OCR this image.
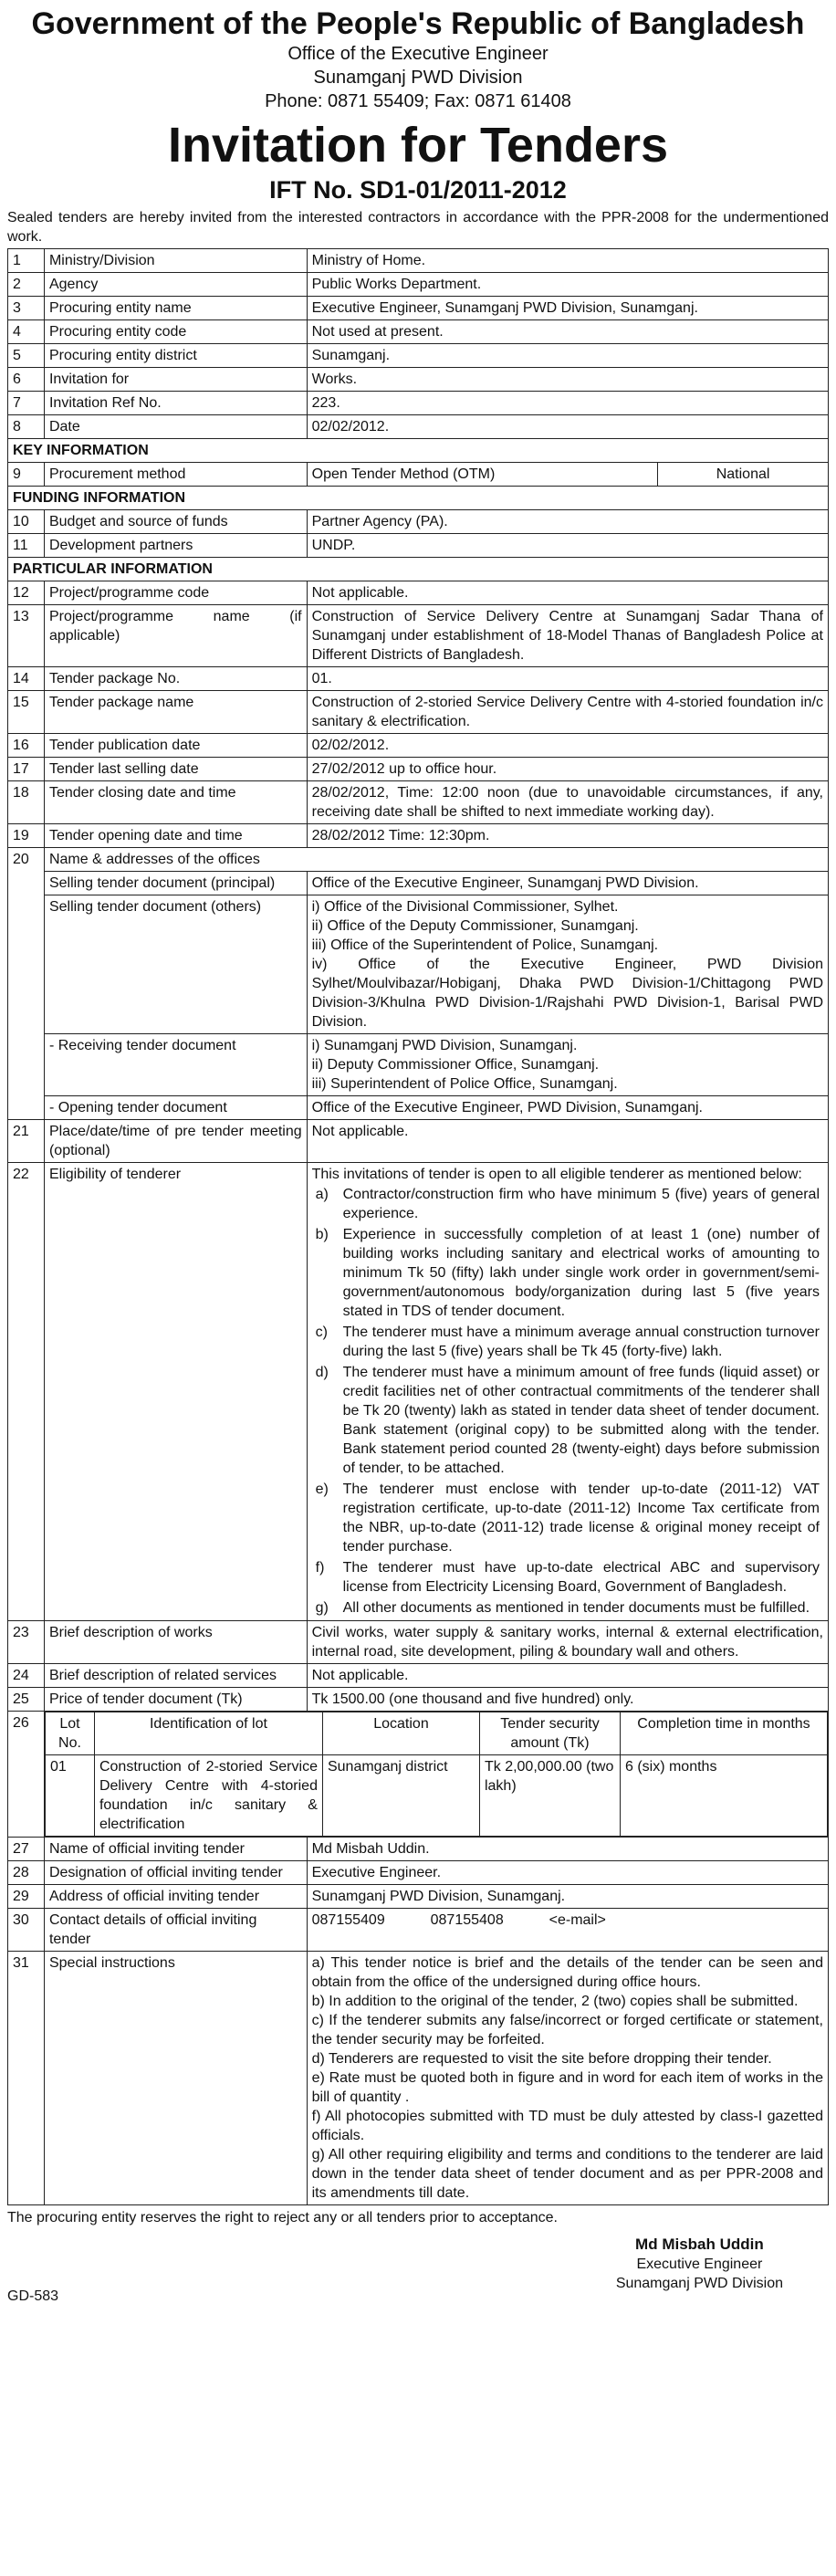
Government of the People's Republic of Bangladesh
Office of the Executive Engineer
Sunamganj PWD Division
Phone: 0871 55409; Fax: 0871 61408
Invitation for Tenders
IFT No. SD1-01/2011-2012
Sealed tenders are hereby invited from the interested contractors in accordance with the PPR-2008 for the undermentioned work.
1	Ministry/Division	Ministry of Home.
2	Agency	Public Works Department.
3	Procuring entity name	Executive Engineer, Sunamganj PWD Division, Sunamganj.
4	Procuring entity code	Not used at present.
5	Procuring entity district	Sunamganj.
6	Invitation for	Works.
7	Invitation Ref No.	223.
8	Date	02/02/2012.
KEY INFORMATION
9	Procurement method	Open Tender Method (OTM)	National
FUNDING INFORMATION
10	Budget and source of funds	Partner Agency (PA).
11	Development partners	UNDP.
PARTICULAR INFORMATION
12	Project/programme code	Not applicable.
13	Project/programme name (if applicable)	Construction of Service Delivery Centre at Sunamganj Sadar Thana of Sunamganj under establishment of 18-Model Thanas of Bangladesh Police at Different Districts of Bangladesh.
14	Tender package No.	01.
15	Tender package name	Construction of 2-storied Service Delivery Centre with 4-storied foundation in/c sanitary & electrification.
16	Tender publication date	02/02/2012.
17	Tender last selling date	27/02/2012 up to office hour.
18	Tender closing date and time	28/02/2012, Time: 12:00 noon (due to unavoidable circumstances, if any, receiving date shall be shifted to next immediate working day).
19	Tender opening date and time	28/02/2012 Time: 12:30pm.
20	Name & addresses of the offices
Selling tender document (principal)	Office of the Executive Engineer, Sunamganj PWD Division.
Selling tender document (others)	i) Office of the Divisional Commissioner, Sylhet.
ii) Office of the Deputy Commissioner, Sunamganj.
iii) Office of the Superintendent of Police, Sunamganj.
iv) Office of the Executive Engineer, PWD Division Sylhet/Moulvibazar/Hobiganj, Dhaka PWD Division-1/Chittagong PWD Division-3/Khulna PWD Division-1/Rajshahi PWD Division-1, Barisal PWD Division.

- Receiving tender document	i) Sunamganj PWD Division, Sunamganj.
ii) Deputy Commissioner Office, Sunamganj.
iii) Superintendent of Police Office, Sunamganj.

- Opening tender document	Office of the Executive Engineer, PWD Division, Sunamganj.
21	Place/date/time of pre tender meeting (optional)	Not applicable.
22	Eligibility of tenderer	This invitations of tender is open to all eligible tenderer as mentioned below:
a)	Contractor/construction firm who have minimum 5 (five) years of general experience.
b)	Experience in successfully completion of at least 1 (one) number of building works including sanitary and electrical works of amounting to minimum Tk 50 (fifty) lakh under single work order in government/semi-government/autonomous body/organization during last 5 (five years stated in TDS of tender document.
c)	The tenderer must have a minimum average annual construction turnover during the last 5 (five) years shall be Tk 45 (forty-five) lakh.
d)	The tenderer must have a minimum amount of free funds (liquid asset) or credit facilities net of other contractual commitments of the tenderer shall be Tk 20 (twenty) lakh as stated in tender data sheet of tender document. Bank statement (original copy) to be submitted along with the tender. Bank statement period counted 28 (twenty-eight) days before submission of tender, to be attached.
e)	The tenderer must enclose with tender up-to-date (2011-12) VAT registration certificate, up-to-date (2011-12) Income Tax certificate from the NBR, up-to-date (2011-12) trade license & original money receipt of tender purchase.
f)	The tenderer must have up-to-date electrical ABC and supervisory license from Electricity Licensing Board, Government of Bangladesh.
g)	All other documents as mentioned in tender documents must be fulfilled.

23	Brief description of works	Civil works, water supply & sanitary works, internal & external electrification, internal road, site development, piling & boundary wall and others.
24	Brief description of related services	Not applicable.
25	Price of tender document (Tk)	Tk 1500.00 (one thousand and five hundred) only.
26	Lot No.	Identification of lot	Location	Tender security amount (Tk)	Completion time in months
01	Construction of 2-storied Service Delivery Centre with 4-storied foundation in/c sanitary & electrification	Sunamganj district	Tk 2,00,000.00 (two lakh)	6 (six) months

27	Name of official inviting tender	Md Misbah Uddin.
28	Designation of official inviting tender	Executive Engineer.
29	Address of official inviting tender	Sunamganj PWD Division, Sunamganj.
30	Contact details of official inviting tender	
087155409	087155408	<e-mail>

31	Special instructions	a) This tender notice is brief and the details of the tender can be seen and obtain from the office of the undersigned during office hours.
b) In addition to the original of the tender, 2 (two) copies shall be submitted.
c) If the tenderer submits any false/incorrect or forged certificate or statement, the tender security may be forfeited.
d) Tenderers are requested to visit the site before dropping their tender.
e) Rate must be quoted both in figure and in word for each item of works in the bill of quantity .
f) All photocopies submitted with TD must be duly attested by class-I gazetted officials.
g) All other requiring eligibility and terms and conditions to the tenderer are laid down in the tender data sheet of tender document and as per PPR-2008 and its amendments till date.
The procuring entity reserves the right to reject any or all tenders prior to acceptance.
Md Misbah Uddin
Executive Engineer
Sunamganj PWD Division
GD-583
